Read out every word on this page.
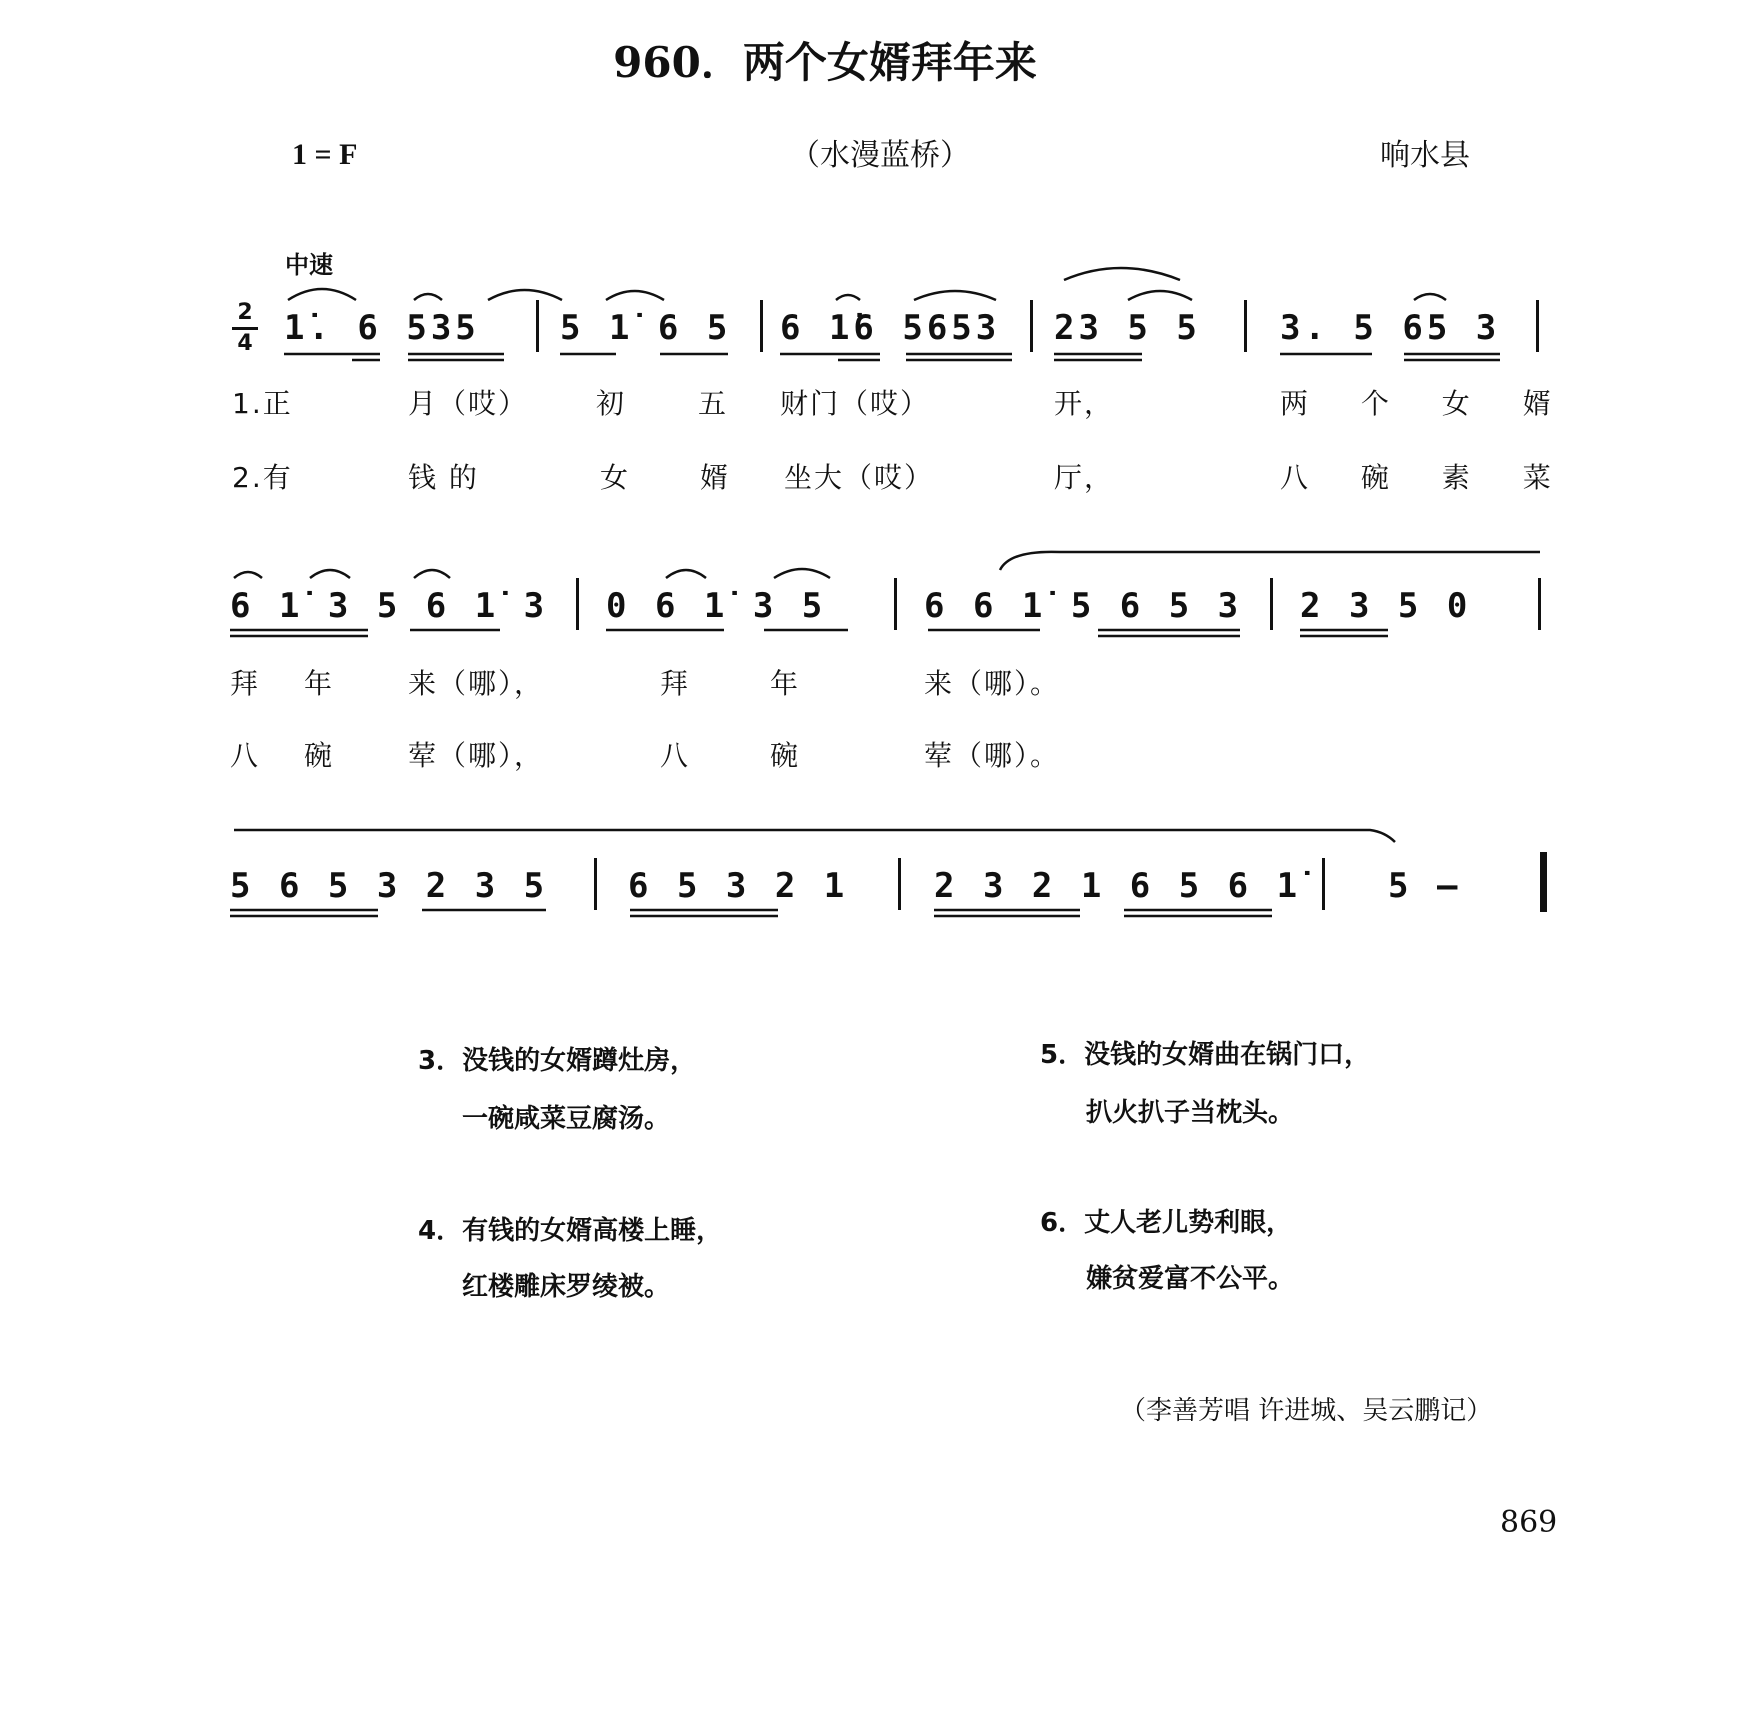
960．两个女婿拜年来
1 = F	（水漫蓝桥）	响水县
中速
2
4 1̇. 6 535 5 1̇ 6 5 6 1̇6 5653 23 5 5 3. 5 65 3
1.正	月（哎） 初	五 财门（哎）	开，	两 个 女 婿
2.有	钱 的	女 婿 坐大（哎）	厅，	八 碗 素 菜
6 1̇ 3 5 6 1̇ 3 0 6 1̇ 3 5	6 6 1̇ 5 6 5 3 2 3 5 0
拜 年	来（哪），	拜	年	来（哪）。
八 碗	荤（哪），	八	碗	荤（哪）。
5 6 5 3 2 3 5 6 5 3 2 1	2 3 2 1 6 5 6 1̇	5 –
3．没钱的女婿蹲灶房，
一碗咸菜豆腐汤。
4．有钱的女婿高楼上睡，
红楼雕床罗绫被。
5．没钱的女婿曲在锅门口，
扒火扒子当枕头。
6．丈人老儿势利眼，
嫌贫爱富不公平。
（李善芳唱 许进城、吴云鹏记）
869
